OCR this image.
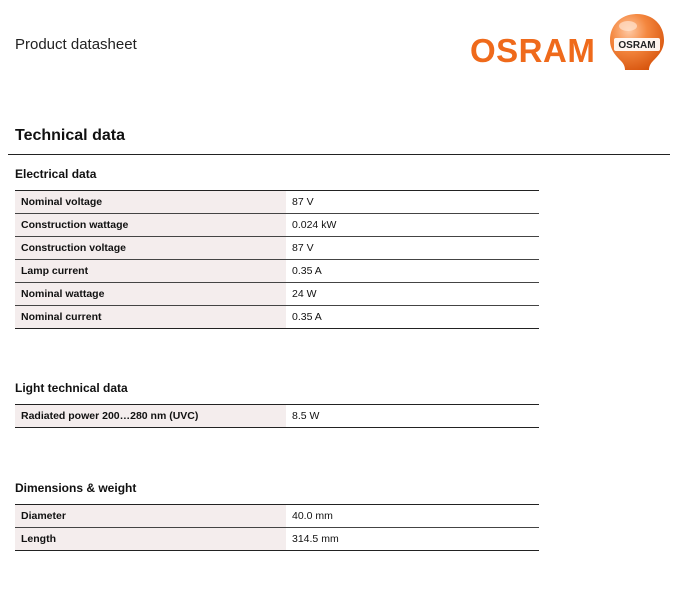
Product datasheet	OSRAM OSRAM
Technical data
Electrical data
Nominal voltage	87 V
Construction wattage	0.024 kW
Construction voltage	87 V
Lamp current	0.35 A
Nominal wattage	24 W
Nominal current	0.35 A
Light technical data
Radiated power 200…280 nm (UVC)	8.5 W
Dimensions & weight
Diameter	40.0 mm
Length	314.5 mm
